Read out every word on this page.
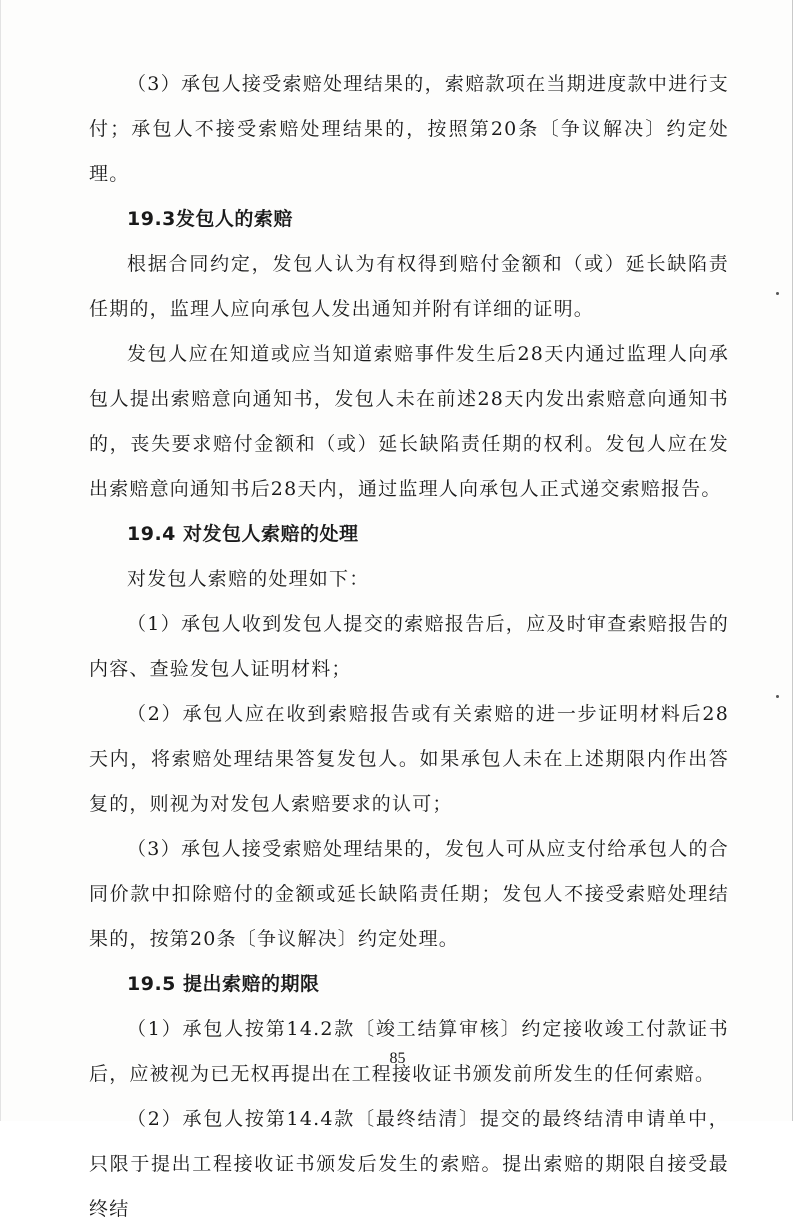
（3）承包人接受索赔处理结果的，索赔款项在当期进度款中进行支付；承包人不接受索赔处理结果的，按照第20条〔争议解决〕约定处理。

19.3发包人的索赔

根据合同约定，发包人认为有权得到赔付金额和（或）延长缺陷责任期的，监理人应向承包人发出通知并附有详细的证明。

发包人应在知道或应当知道索赔事件发生后28天内通过监理人向承包人提出索赔意向通知书，发包人未在前述28天内发出索赔意向通知书的，丧失要求赔付金额和（或）延长缺陷责任期的权利。发包人应在发出索赔意向通知书后28天内，通过监理人向承包人正式递交索赔报告。

19.4 对发包人索赔的处理

对发包人索赔的处理如下：

（1）承包人收到发包人提交的索赔报告后，应及时审查索赔报告的内容、查验发包人证明材料；

（2）承包人应在收到索赔报告或有关索赔的进一步证明材料后28天内，将索赔处理结果答复发包人。如果承包人未在上述期限内作出答复的，则视为对发包人索赔要求的认可；

（3）承包人接受索赔处理结果的，发包人可从应支付给承包人的合同价款中扣除赔付的金额或延长缺陷责任期；发包人不接受索赔处理结果的，按第20条〔争议解决〕约定处理。

19.5 提出索赔的期限

（1）承包人按第14.2款〔竣工结算审核〕约定接收竣工付款证书后，应被视为已无权再提出在工程接收证书颁发前所发生的任何索赔。

（2）承包人按第14.4款〔最终结清〕提交的最终结清申请单中，只限于提出工程接收证书颁发后发生的索赔。提出索赔的期限自接受最终结

85
